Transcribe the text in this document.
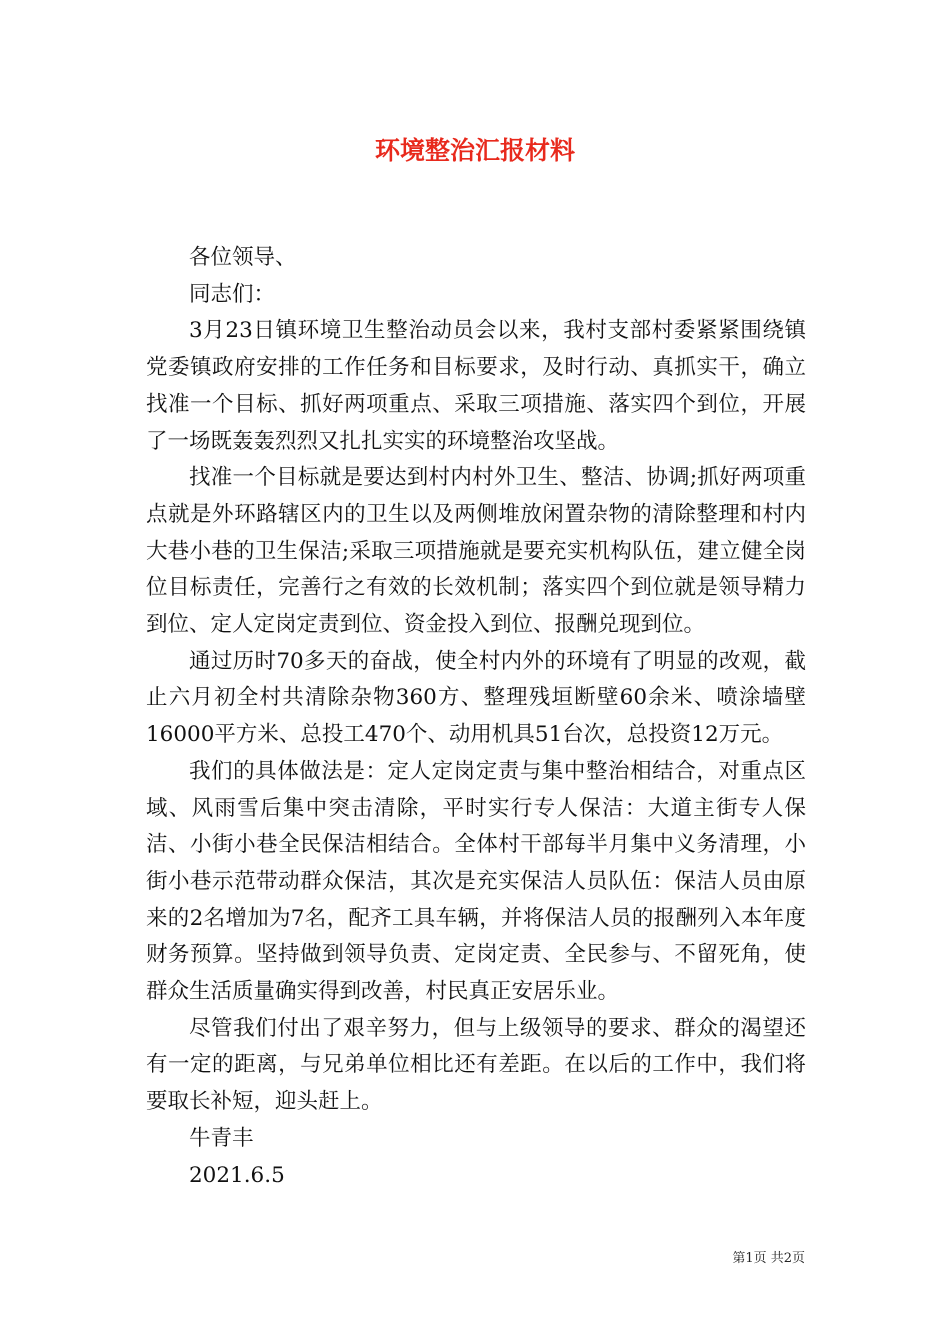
环境整治汇报材料

各位领导、

同志们：

3月23日镇环境卫生整治动员会以来，我村支部村委紧紧围绕镇党委镇政府安排的工作任务和目标要求，及时行动、真抓实干，确立找准一个目标、抓好两项重点、采取三项措施、落实四个到位，开展了一场既轰轰烈烈又扎扎实实的环境整治攻坚战。

找准一个目标就是要达到村内村外卫生、整洁、协调;抓好两项重点就是外环路辖区内的卫生以及两侧堆放闲置杂物的清除整理和村内大巷小巷的卫生保洁;采取三项措施就是要充实机构队伍，建立健全岗位目标责任，完善行之有效的长效机制；落实四个到位就是领导精力到位、定人定岗定责到位、资金投入到位、报酬兑现到位。

通过历时70多天的奋战，使全村内外的环境有了明显的改观，截止六月初全村共清除杂物360方、整理残垣断壁60余米、喷涂墙壁16000平方米、总投工470个、动用机具51台次，总投资12万元。

我们的具体做法是：定人定岗定责与集中整治相结合，对重点区域、风雨雪后集中突击清除，平时实行专人保洁：大道主街专人保洁、小街小巷全民保洁相结合。全体村干部每半月集中义务清理，小街小巷示范带动群众保洁，其次是充实保洁人员队伍：保洁人员由原来的2名增加为7名，配齐工具车辆，并将保洁人员的报酬列入本年度财务预算。坚持做到领导负责、定岗定责、全民参与、不留死角，使群众生活质量确实得到改善，村民真正安居乐业。

尽管我们付出了艰辛努力，但与上级领导的要求、群众的渴望还有一定的距离，与兄弟单位相比还有差距。在以后的工作中，我们将要取长补短，迎头赶上。

牛青丰

2021.6.5

第1页 共2页
